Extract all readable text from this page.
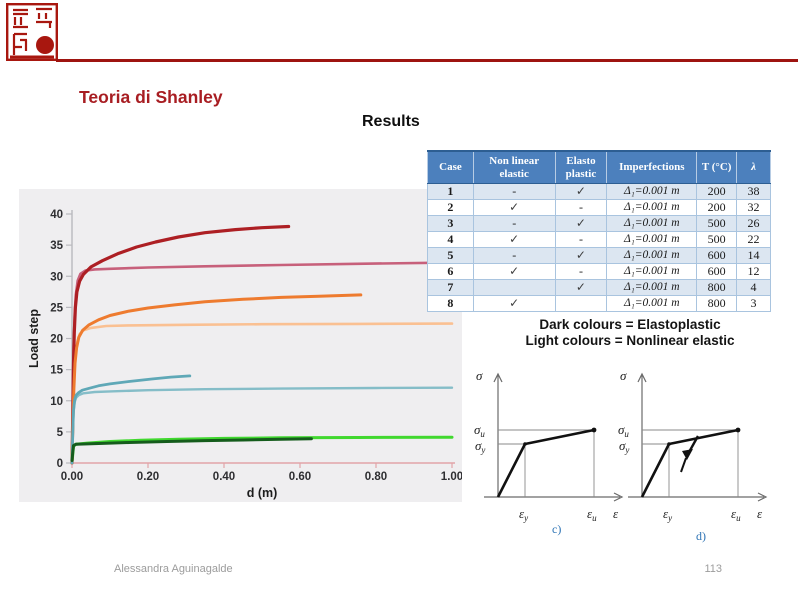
Teoria di Shanley
Results
0
5
10
15
20
25
30
35
40
0.00	0.20	0.40	0.60	0.80	1.00
d (m)
Load step
Case	Non linear elastic	Elasto plastic	Imperfections	T (°C)	λ
1	-	✓	Δ₁=0.001 m	200	38
2	✓	-	Δ₁=0.001 m	200	32
3	-	✓	Δ₁=0.001 m	500	26
4	✓	-	Δ₁=0.001 m	500	22
5	-	✓	Δ₁=0.001 m	600	14
6	✓	-	Δ₁=0.001 m	600	12
7		✓	Δ₁=0.001 m	800	4
8	✓		Δ₁=0.001 m	800	3
Dark colours = Elastoplastic
Light colours = Nonlinear elastic
σ
$\sigma_u$
$\sigma_y$
$\varepsilon_y$	$\varepsilon_u$ ε
c)
σ
$\sigma_u$
$\sigma_y$
$\varepsilon_y$	$\varepsilon_u$ ε
d)
Alessandra Aguinagalde	113
